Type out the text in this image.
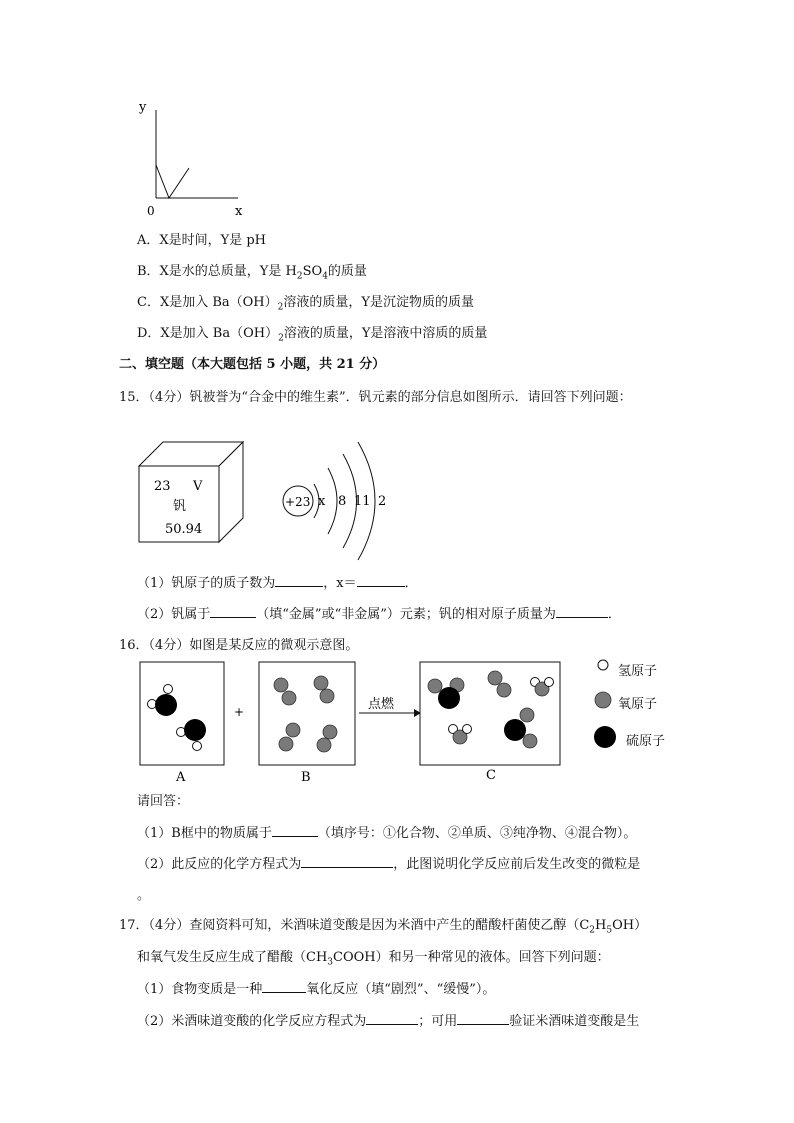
y
0	x
A．X是时间，Y是 pH
B．X是水的总质量，Y是 $H_2SO_4$的质量
C．X是加入 $Ba(OH)_2$溶液的质量，Y是沉淀物质的质量
D．X是加入 $Ba(OH)_2$溶液的质量，Y是溶液中溶质的质量
二、填空题（本大题包括 5 小题，共 21 分）
15．（4分）钒被誉为“合金中的维生素”．钒元素的部分信息如图所示．请回答下列问题：
23 V
钒
50.94
+23 x 8 11 2
（1）钒原子的质子数为	，x＝	．
（2）钒属于	（填“金属”或“非金属”）元素；钒的相对原子质量为	．
16．（4分）如图是某反应的微观示意图。
+	点燃
A	B	C
氢原子
氧原子
硫原子
请回答：
（1）B框中的物质属于	（填序号：①化合物、②单质、③纯净物、④混合物）。
（2）此反应的化学方程式为	，此图说明化学反应前后发生改变的微粒是
。
17．（4分）查阅资料可知，米酒味道变酸是因为米酒中产生的醋酸杆菌使乙醇$(C_2H_5OH)$
和氧气发生反应生成了醋酸$(CH_3COOH)$和另一种常见的液体。回答下列问题：
（1）食物变质是一种	氧化反应（填“剧烈”、“缓慢”）。
（2）米酒味道变酸的化学反应方程式为	；可用	验证米酒味道变酸是生
